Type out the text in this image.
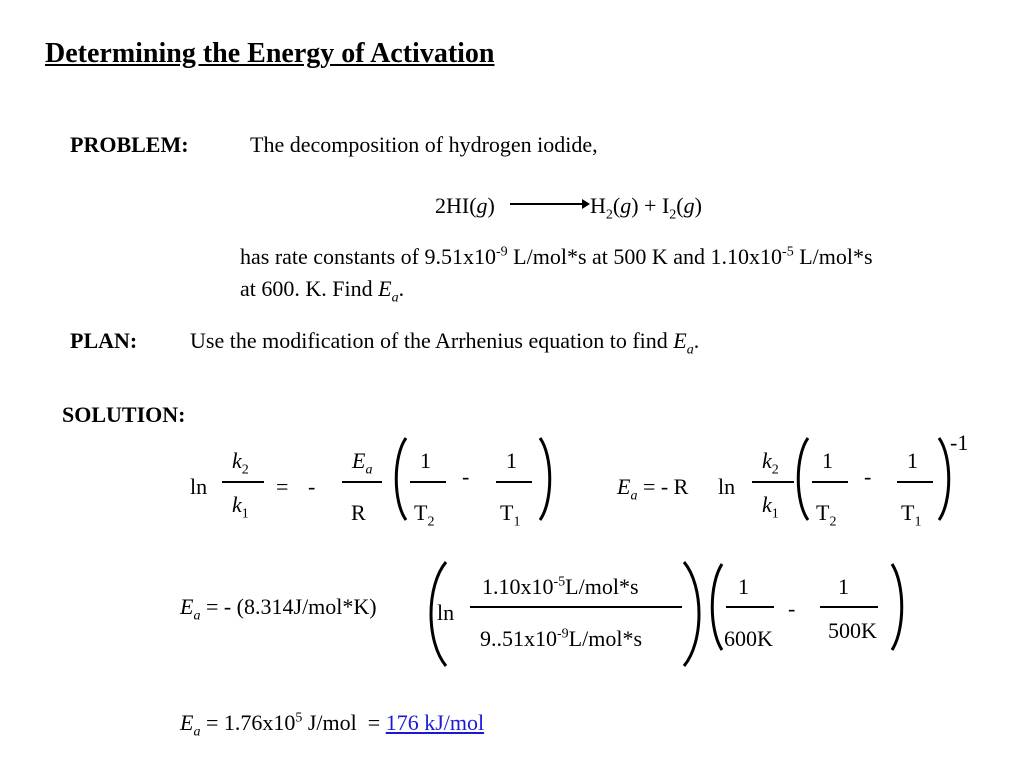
Determining the Energy of Activation
PROBLEM:	The decomposition of hydrogen iodide,
$2HI(g) \to H_2(g) + I_2(g)$
has rate constants of $9.51x10^{-9}$ L/mol*s at 500 K and $1.10x10^{-5}$ L/mol*s
at 600. K. Find $E_a$.
PLAN: Use the modification of the Arrhenius equation to find $E_a$.
SOLUTION:
ln
$k_2$
$k_1$
= -
$E_a$
R
1
$T_2$
-
1
$T_1$
$E_a$ = - R ln
$k_2$
$k_1$
1
$T_2$
-
1
$T_1$
-1
$E_a$ = - (8.314J/mol*K)	ln
$1.10x10^{-5}L/mol*s$
$9..51x10^{-9}L/mol*s$
1
600K
-
1
500K
$E_a = 1.76x10^5$ J/mol  = 176 kJ/mol
